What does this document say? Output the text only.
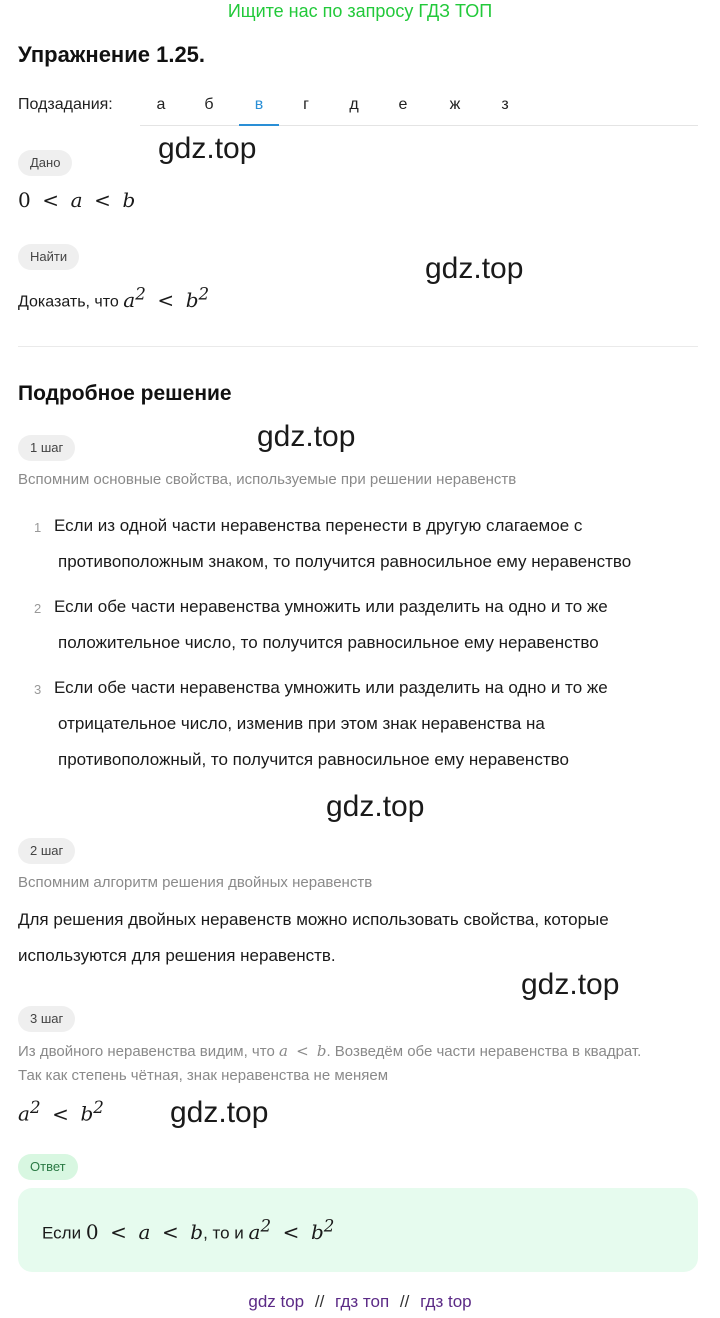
Ищите нас по запросу ГДЗ ТОП
Упражнение 1.25.
Подзадания:	а	б	в	г	д	е	ж	з
Дано
0 < a < b
Найти
Доказать, что $a^2 < b^2$
Подробное решение
1 шаг
Вспомним основные свойства, используемые при решении неравенств
1 Если из одной части неравенства перенести в другую слагаемое с
противоположным знаком, то получится равносильное ему неравенство
2 Если обе части неравенства умножить или разделить на одно и то же
положительное число, то получится равносильное ему неравенство
3 Если обе части неравенства умножить или разделить на одно и то же
отрицательное число, изменив при этом знак неравенства на
противоположный, то получится равносильное ему неравенство
2 шаг
Вспомним алгоритм решения двойных неравенств
Для решения двойных неравенств можно использовать свойства, которые
используются для решения неравенств.
3 шаг
Из двойного неравенства видим, что a < b. Возведём обе части неравенства в квадрат.
Так как степень чётная, знак неравенства не меняем
$a^2 < b^2$
Ответ
Если 0 < a < b, то и $a^2 < b^2$
gdz.top
gdz.top
gdz.top
gdz.top
gdz.top
gdz.top
gdz top // гдз топ // гдз top
